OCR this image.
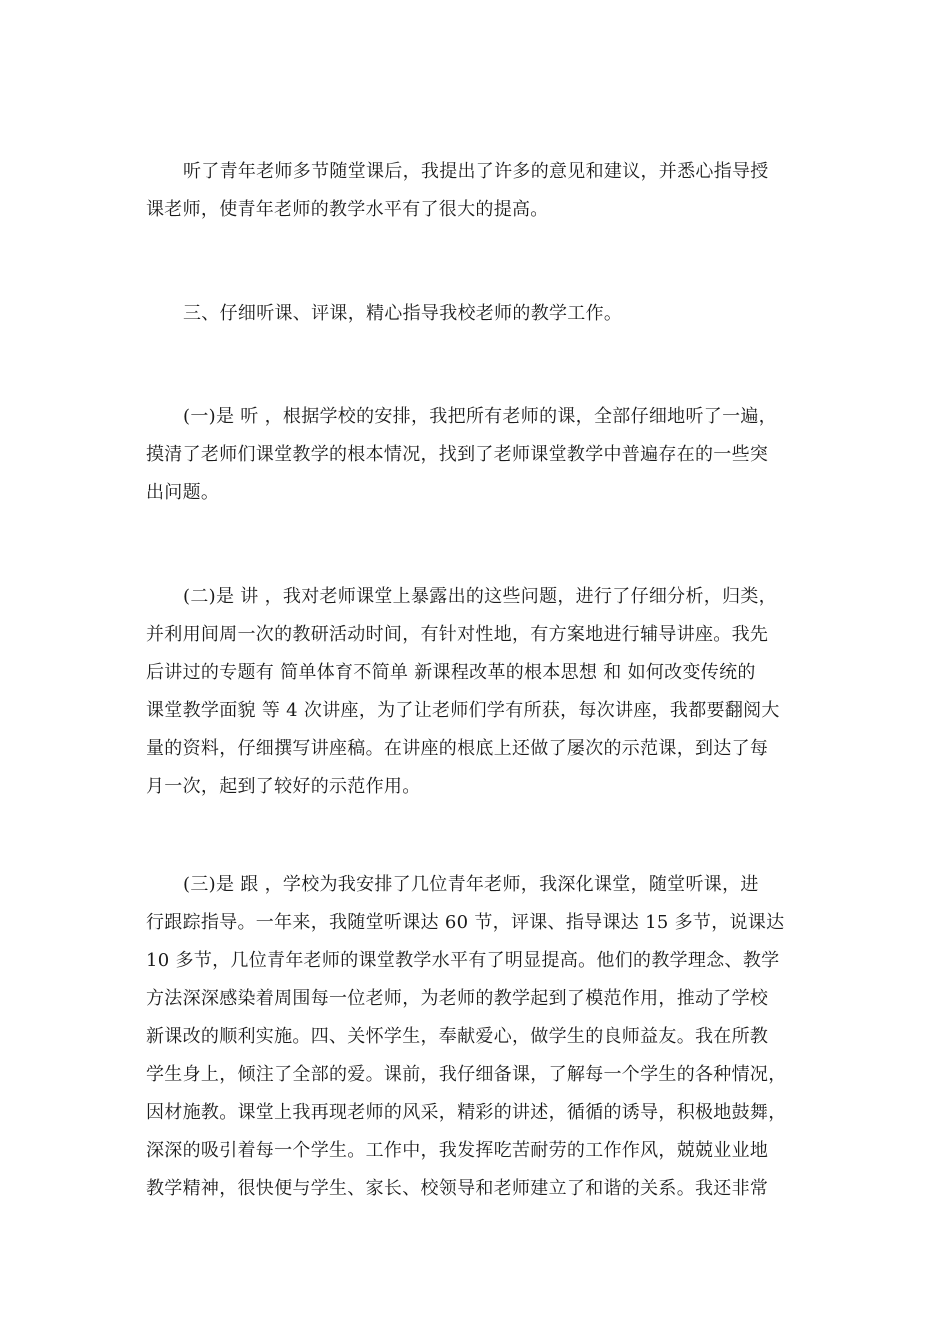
听了青年老师多节随堂课后，我提出了许多的意见和建议，并悉心指导授
课老师，使青年老师的教学水平有了很大的提高。

三、仔细听课、评课，精心指导我校老师的教学工作。

(一)是 听 ，根据学校的安排，我把所有老师的课，全部仔细地听了一遍，
摸清了老师们课堂教学的根本情况，找到了老师课堂教学中普遍存在的一些突
出问题。

(二)是 讲 ，我对老师课堂上暴露出的这些问题，进行了仔细分析，归类，
并利用间周一次的教研活动时间，有针对性地，有方案地进行辅导讲座。我先
后讲过的专题有 简单体育不简单 新课程改革的根本思想 和 如何改变传统的
课堂教学面貌 等 4 次讲座，为了让老师们学有所获，每次讲座，我都要翻阅大
量的资料，仔细撰写讲座稿。在讲座的根底上还做了屡次的示范课，到达了每
月一次，起到了较好的示范作用。

(三)是 跟 ，学校为我安排了几位青年老师，我深化课堂，随堂听课，进
行跟踪指导。一年来，我随堂听课达 60 节，评课、指导课达 15 多节，说课达
10 多节，几位青年老师的课堂教学水平有了明显提高。他们的教学理念、教学
方法深深感染着周围每一位老师，为老师的教学起到了模范作用，推动了学校
新课改的顺利实施。四、关怀学生，奉献爱心，做学生的良师益友。我在所教
学生身上，倾注了全部的爱。课前，我仔细备课，了解每一个学生的各种情况，
因材施教。课堂上我再现老师的风采，精彩的讲述，循循的诱导，积极地鼓舞，
深深的吸引着每一个学生。工作中，我发挥吃苦耐劳的工作作风，兢兢业业地
教学精神，很快便与学生、家长、校领导和老师建立了和谐的关系。我还非常
